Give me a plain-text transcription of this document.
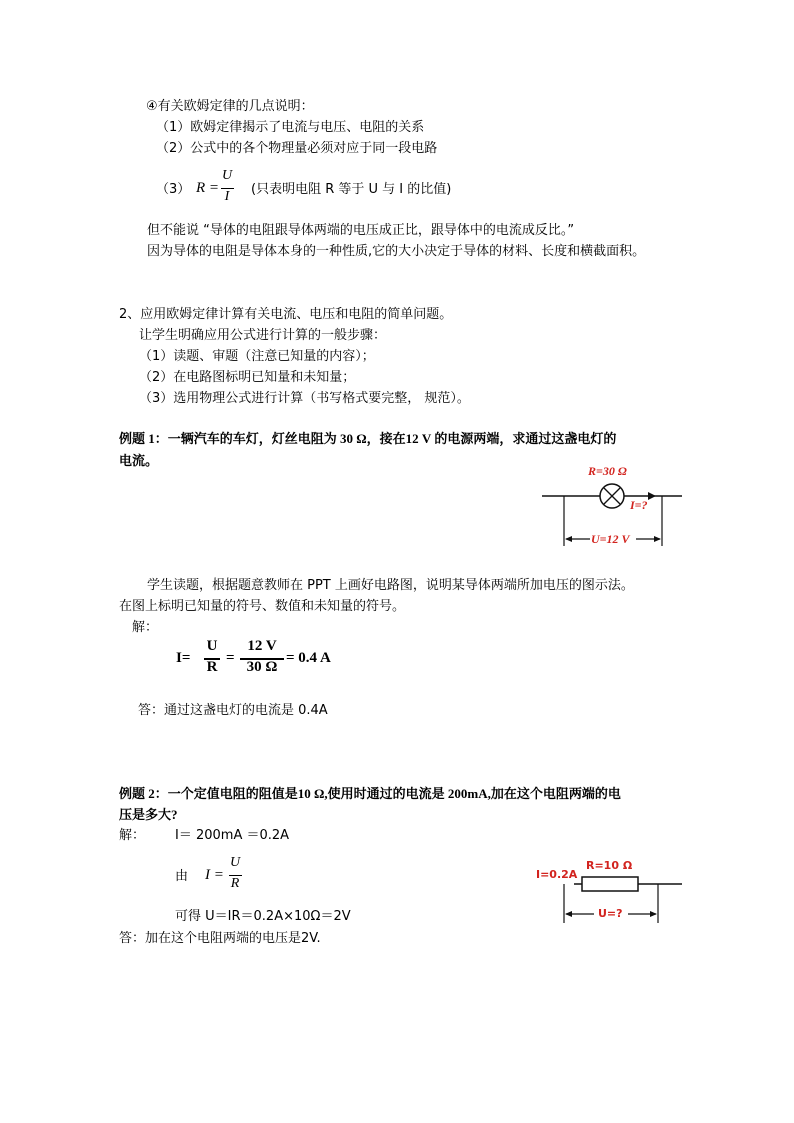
④有关欧姆定律的几点说明：
（1）欧姆定律揭示了电流与电压、电阻的关系
（2）公式中的各个物理量必须对应于同一段电路
（3） R =
U
I	(只表明电阻 R 等于 U 与 I 的比值)
但不能说 “导体的电阻跟导体两端的电压成正比，跟导体中的电流成反比。”
因为导体的电阻是导体本身的一种性质,它的大小决定于导体的材料、长度和横截面积。
2、应用欧姆定律计算有关电流、电压和电阻的简单问题。
让学生明确应用公式进行计算的一般步骤：
（1）读题、审题（注意已知量的内容）；
（2）在电路图标明已知量和未知量；
（3）选用物理公式进行计算（书写格式要完整， 规范）。
例题 1：一辆汽车的车灯，灯丝电阻为 30 Ω，接在12 V 的电源两端，求通过这盏电灯的
电流。
R=30 Ω
I=?
U=12 V
学生读题，根据题意教师在 PPT 上画好电路图，说明某导体两端所加电压的图示法。
在图上标明已知量的符号、数值和未知量的符号。
解：
I=
U
R
=
12 V
30 Ω
= 0.4 A
答：通过这盏电灯的电流是 0.4A
例题 2：一个定值电阻的阻值是10 Ω,使用时通过的电流是 200mA,加在这个电阻两端的电
压是多大?
解： I＝ 200mA ＝0.2A
由 I =
U
R
可得 U＝IR＝0.2A×10Ω＝2V
答：加在这个电阻两端的电压是2V.
I=0.2A
R=10 Ω
U=?
